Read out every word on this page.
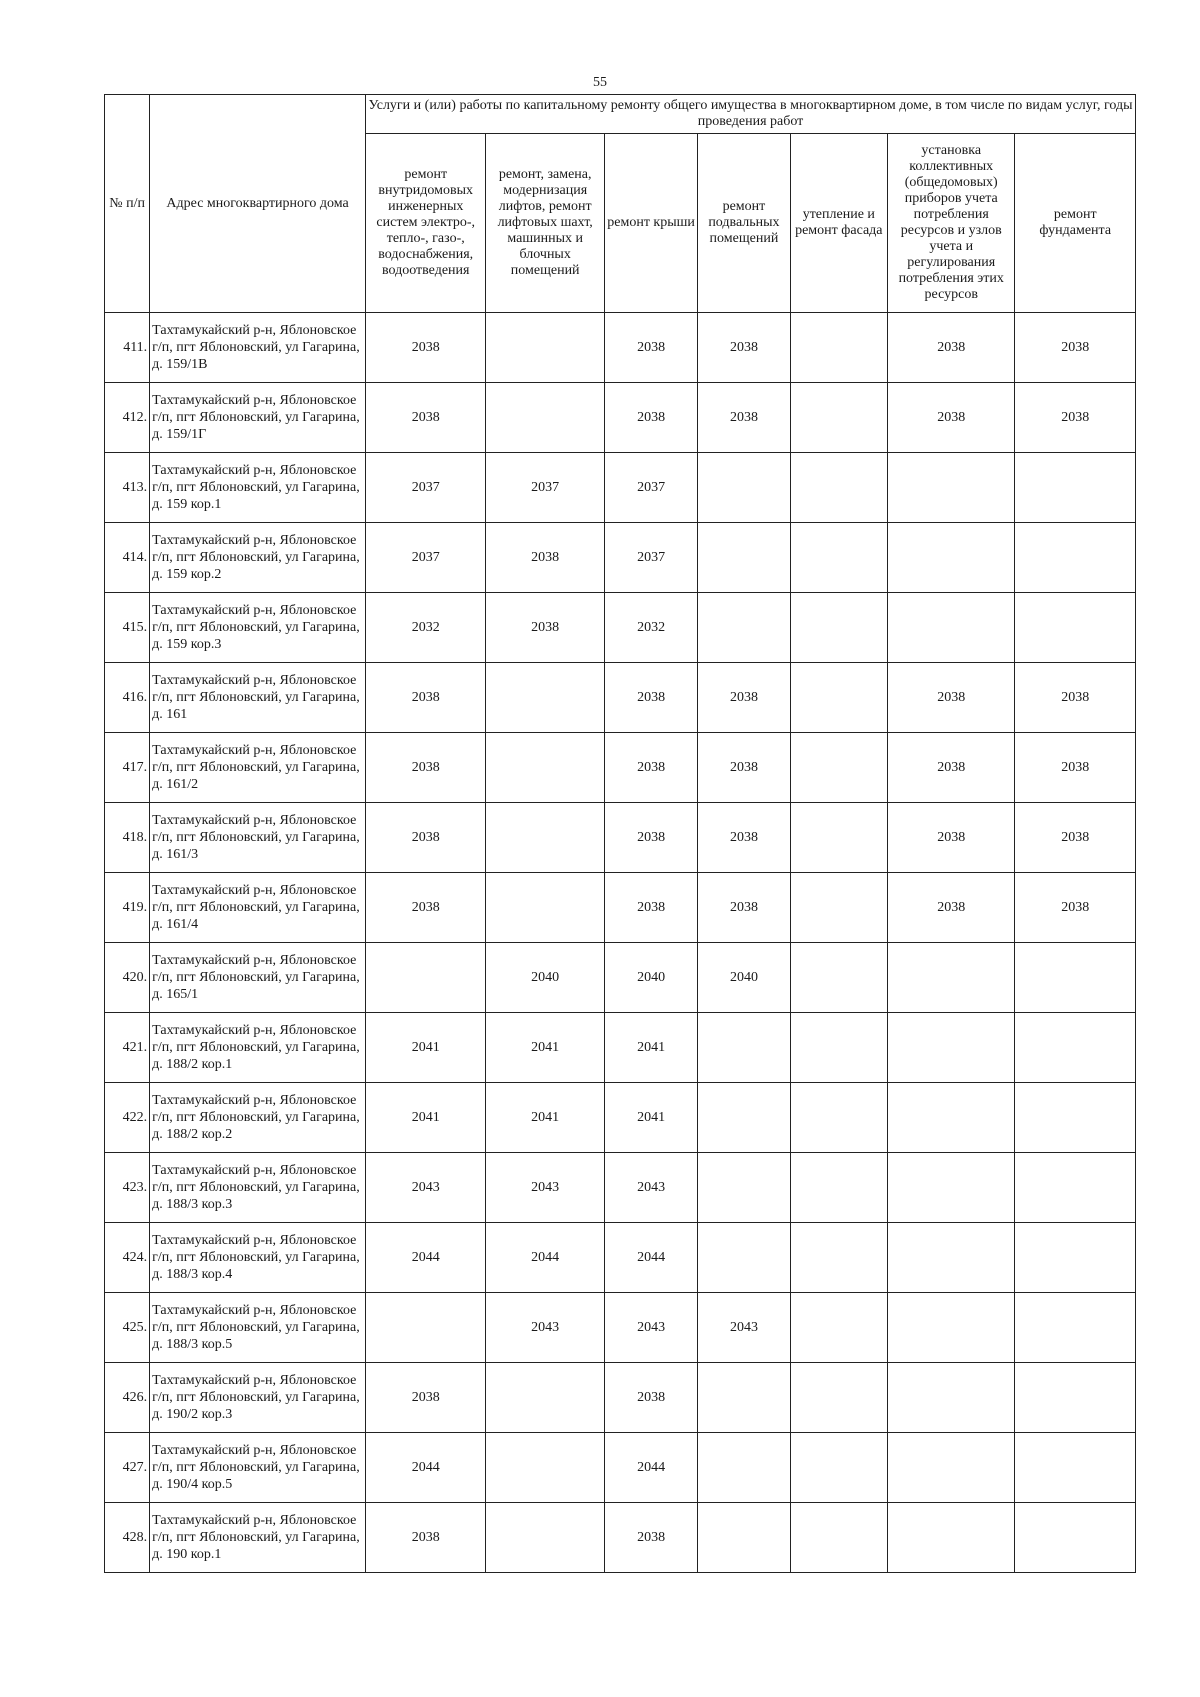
55
№ п/п	Адрес многоквартирного дома	Услуги и (или) работы по капитальному ремонту общего имущества в многоквартирном доме, в том числе по видам услуг, годы проведения работ						
		ремонт внутридомовых инженерных систем электро-, тепло-, газо-, водоснабжения, водоотведения	ремонт, замена, модернизация лифтов, ремонт лифтовых шахт, машинных и блочных помещений	ремонт крыши	ремонт подвальных помещений	утепление и ремонт фасада	установка коллективных (общедомовых) приборов учета потребления ресурсов и узлов учета и регулирования потребления этих ресурсов	ремонт фундамента
411.	Тахтамукайский р-н, Яблоновское г/п, пгт Яблоновский, ул Гагарина, д. 159/1В	2038		2038	2038		2038	2038
412.	Тахтамукайский р-н, Яблоновское г/п, пгт Яблоновский, ул Гагарина, д. 159/1Г	2038		2038	2038		2038	2038
413.	Тахтамукайский р-н, Яблоновское г/п, пгт Яблоновский, ул Гагарина, д. 159 кор.1	2037	2037	2037				
414.	Тахтамукайский р-н, Яблоновское г/п, пгт Яблоновский, ул Гагарина, д. 159 кор.2	2037	2038	2037				
415.	Тахтамукайский р-н, Яблоновское г/п, пгт Яблоновский, ул Гагарина, д. 159 кор.3	2032	2038	2032				
416.	Тахтамукайский р-н, Яблоновское г/п, пгт Яблоновский, ул Гагарина, д. 161	2038		2038	2038		2038	2038
417.	Тахтамукайский р-н, Яблоновское г/п, пгт Яблоновский, ул Гагарина, д. 161/2	2038		2038	2038		2038	2038
418.	Тахтамукайский р-н, Яблоновское г/п, пгт Яблоновский, ул Гагарина, д. 161/3	2038		2038	2038		2038	2038
419.	Тахтамукайский р-н, Яблоновское г/п, пгт Яблоновский, ул Гагарина, д. 161/4	2038		2038	2038		2038	2038
420.	Тахтамукайский р-н, Яблоновское г/п, пгт Яблоновский, ул Гагарина, д. 165/1		2040	2040	2040			
421.	Тахтамукайский р-н, Яблоновское г/п, пгт Яблоновский, ул Гагарина, д. 188/2 кор.1	2041	2041	2041				
422.	Тахтамукайский р-н, Яблоновское г/п, пгт Яблоновский, ул Гагарина, д. 188/2 кор.2	2041	2041	2041				
423.	Тахтамукайский р-н, Яблоновское г/п, пгт Яблоновский, ул Гагарина, д. 188/3 кор.3	2043	2043	2043				
424.	Тахтамукайский р-н, Яблоновское г/п, пгт Яблоновский, ул Гагарина, д. 188/3 кор.4	2044	2044	2044				
425.	Тахтамукайский р-н, Яблоновское г/п, пгт Яблоновский, ул Гагарина, д. 188/3 кор.5		2043	2043	2043			
426.	Тахтамукайский р-н, Яблоновское г/п, пгт Яблоновский, ул Гагарина, д. 190/2 кор.3	2038		2038				
427.	Тахтамукайский р-н, Яблоновское г/п, пгт Яблоновский, ул Гагарина, д. 190/4 кор.5	2044		2044				
428.	Тахтамукайский р-н, Яблоновское г/п, пгт Яблоновский, ул Гагарина, д. 190 кор.1	2038		2038				
